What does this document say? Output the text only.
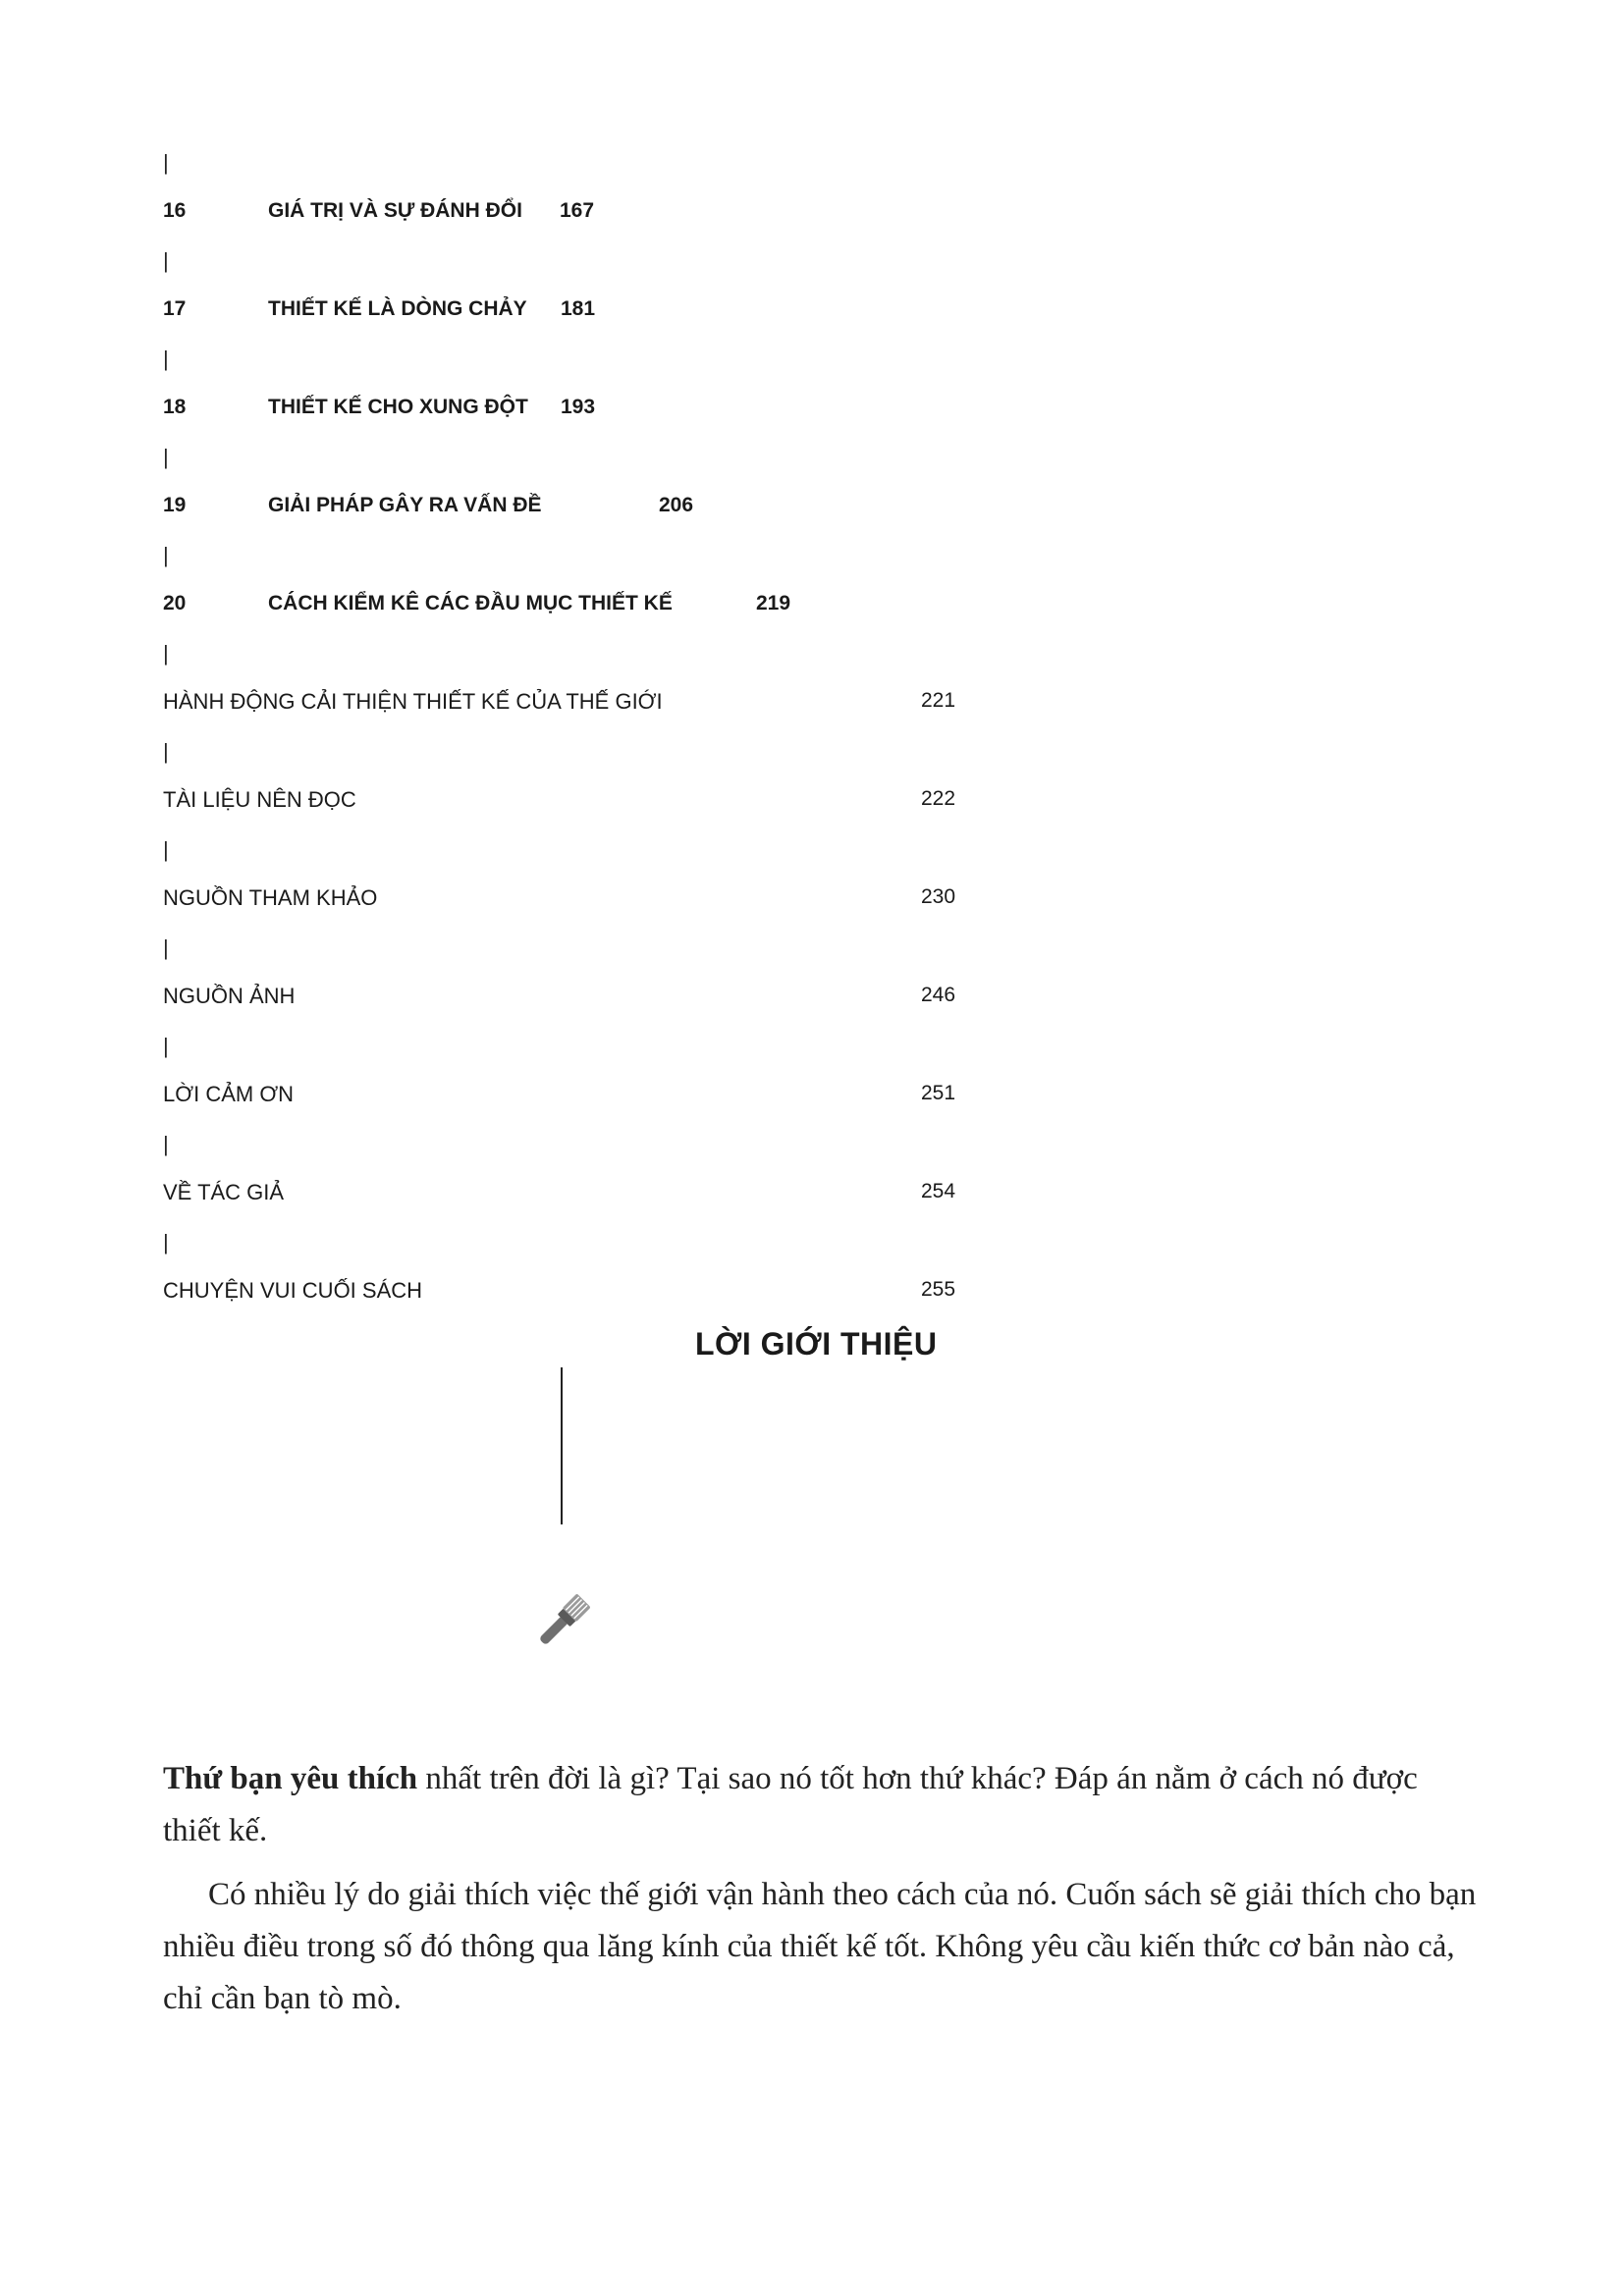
|
16	GIÁ TRỊ VÀ SỰ ĐÁNH ĐỔI 167
|
17	THIẾT KẾ LÀ DÒNG CHẢY 181
|
18	THIẾT KẾ CHO XUNG ĐỘT 193
|
19	GIẢI PHÁP GÂY RA VẤN ĐỀ	206
|
20	CÁCH KIỂM KÊ CÁC ĐẦU MỤC THIẾT KẾ	219
|
HÀNH ĐỘNG CẢI THIỆN THIẾT KẾ CỦA THẾ GIỚI	221
|
TÀI LIỆU NÊN ĐỌC	222
|
NGUỒN THAM KHẢO	230
|
NGUỒN ẢNH	246
|
LỜI CẢM ƠN	251
|
VỀ TÁC GIẢ	254
|
CHUYỆN VUI CUỐI SÁCH	255
LỜI GIỚI THIỆU

Thứ bạn yêu thích nhất trên đời là gì? Tại sao nó tốt hơn thứ khác? Đáp án nằm ở cách nó được thiết kế.

Có nhiều lý do giải thích việc thế giới vận hành theo cách của nó. Cuốn sách sẽ giải thích cho bạn nhiều điều trong số đó thông qua lăng kính của thiết kế tốt. Không yêu cầu kiến thức cơ bản nào cả, chỉ cần bạn tò mò.
